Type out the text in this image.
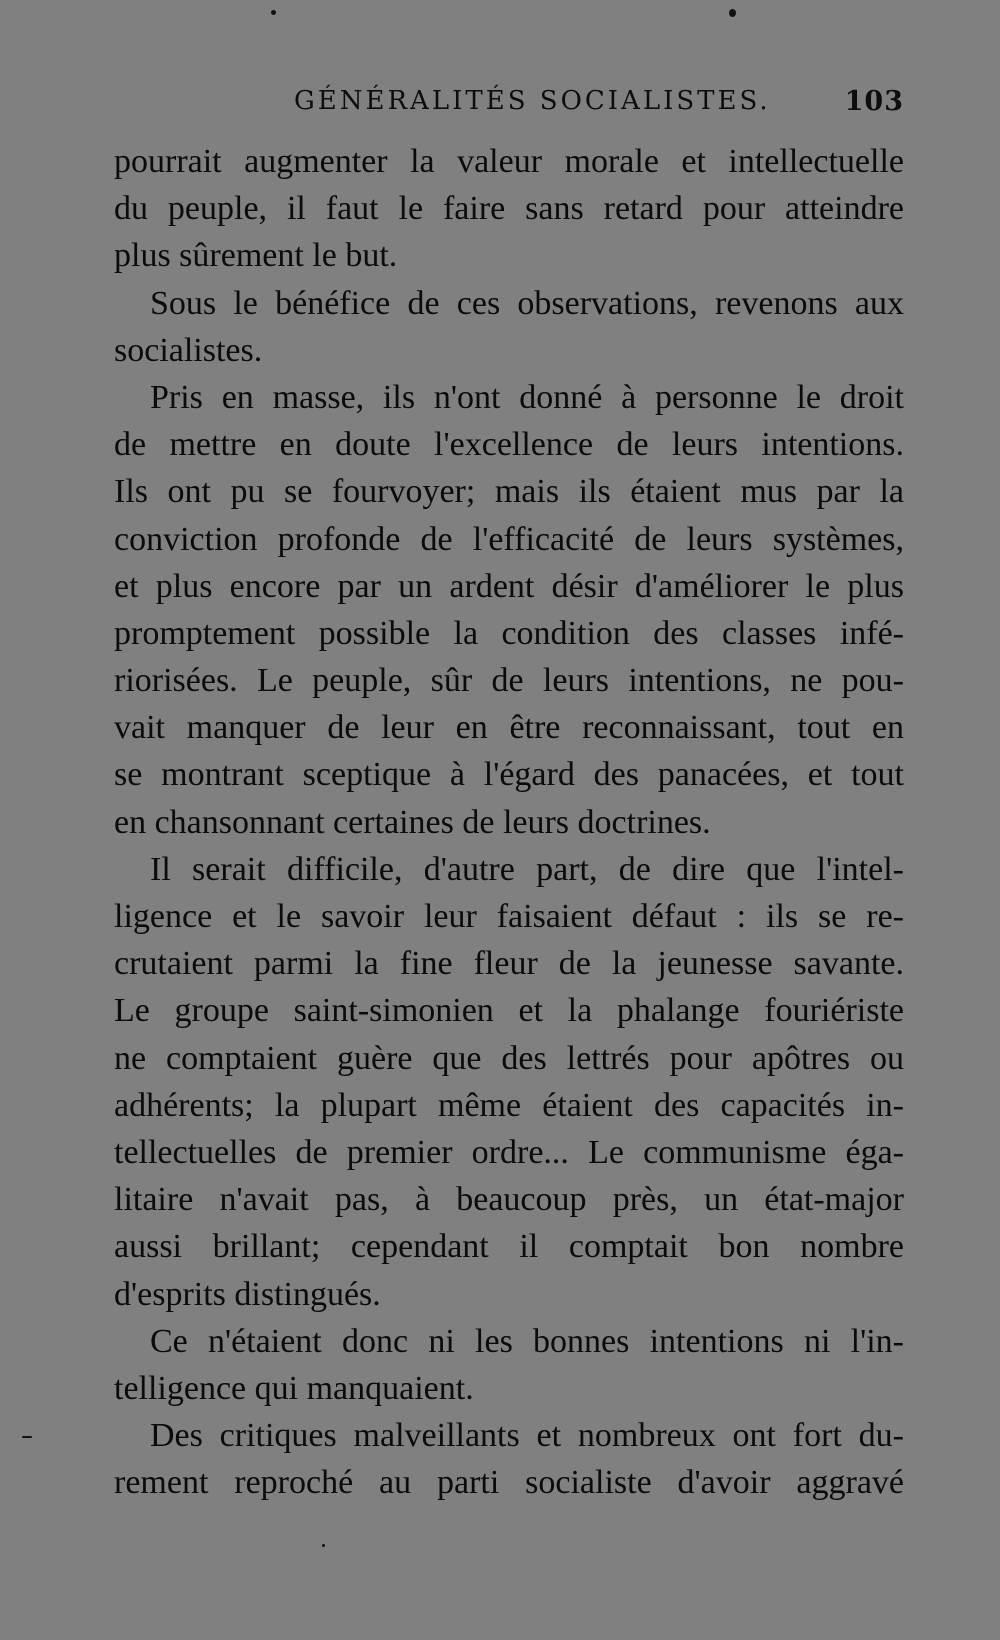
GÉNÉRALITÉS SOCIALISTES.	103
pourrait augmenter la valeur morale et intellectuelle
du peuple, il faut le faire sans retard pour atteindre
plus sûrement le but.
Sous le bénéfice de ces observations, revenons aux
socialistes.
Pris en masse, ils n'ont donné à personne le droit
de mettre en doute l'excellence de leurs intentions.
Ils ont pu se fourvoyer; mais ils étaient mus par la
conviction profonde de l'efficacité de leurs systèmes,
et plus encore par un ardent désir d'améliorer le plus
promptement possible la condition des classes infé-
riorisées. Le peuple, sûr de leurs intentions, ne pou-
vait manquer de leur en être reconnaissant, tout en
se montrant sceptique à l'égard des panacées, et tout
en chansonnant certaines de leurs doctrines.
Il serait difficile, d'autre part, de dire que l'intel-
ligence et le savoir leur faisaient défaut : ils se re-
crutaient parmi la fine fleur de la jeunesse savante.
Le groupe saint-simonien et la phalange fouriériste
ne comptaient guère que des lettrés pour apôtres ou
adhérents; la plupart même étaient des capacités in-
tellectuelles de premier ordre... Le communisme éga-
litaire n'avait pas, à beaucoup près, un état-major
aussi brillant; cependant il comptait bon nombre
d'esprits distingués.
Ce n'étaient donc ni les bonnes intentions ni l'in-
telligence qui manquaient.
Des critiques malveillants et nombreux ont fort du-
rement reproché au parti socialiste d'avoir aggravé
